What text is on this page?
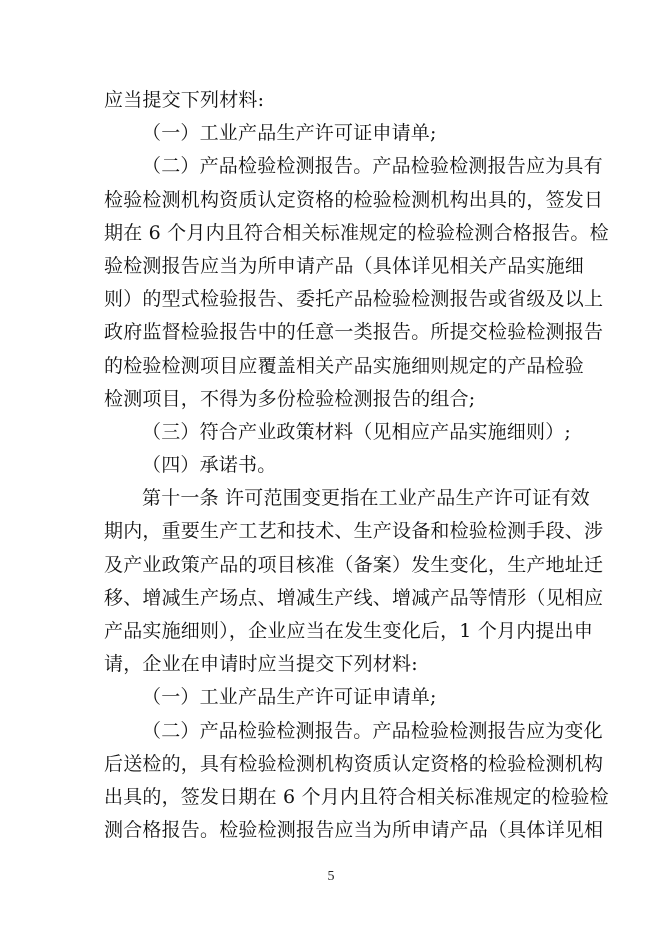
应当提交下列材料:
（一）工业产品生产许可证申请单;
（二）产品检验检测报告。产品检验检测报告应为具有
检验检测机构资质认定资格的检验检测机构出具的，签发日
期在 6 个月内且符合相关标准规定的检验检测合格报告。检
验检测报告应当为所申请产品（具体详见相关产品实施细
则）的型式检验报告、委托产品检验检测报告或省级及以上
政府监督检验报告中的任意一类报告。所提交检验检测报告
的检验检测项目应覆盖相关产品实施细则规定的产品检验
检测项目，不得为多份检验检测报告的组合;
（三）符合产业政策材料（见相应产品实施细则）;
（四）承诺书。
第十一条 许可范围变更指在工业产品生产许可证有效
期内，重要生产工艺和技术、生产设备和检验检测手段、涉
及产业政策产品的项目核准（备案）发生变化，生产地址迁
移、增减生产场点、增减生产线、增减产品等情形（见相应
产品实施细则），企业应当在发生变化后，1 个月内提出申
请，企业在申请时应当提交下列材料:
（一）工业产品生产许可证申请单;
（二）产品检验检测报告。产品检验检测报告应为变化
后送检的，具有检验检测机构资质认定资格的检验检测机构
出具的，签发日期在 6 个月内且符合相关标准规定的检验检
测合格报告。检验检测报告应当为所申请产品（具体详见相
5
